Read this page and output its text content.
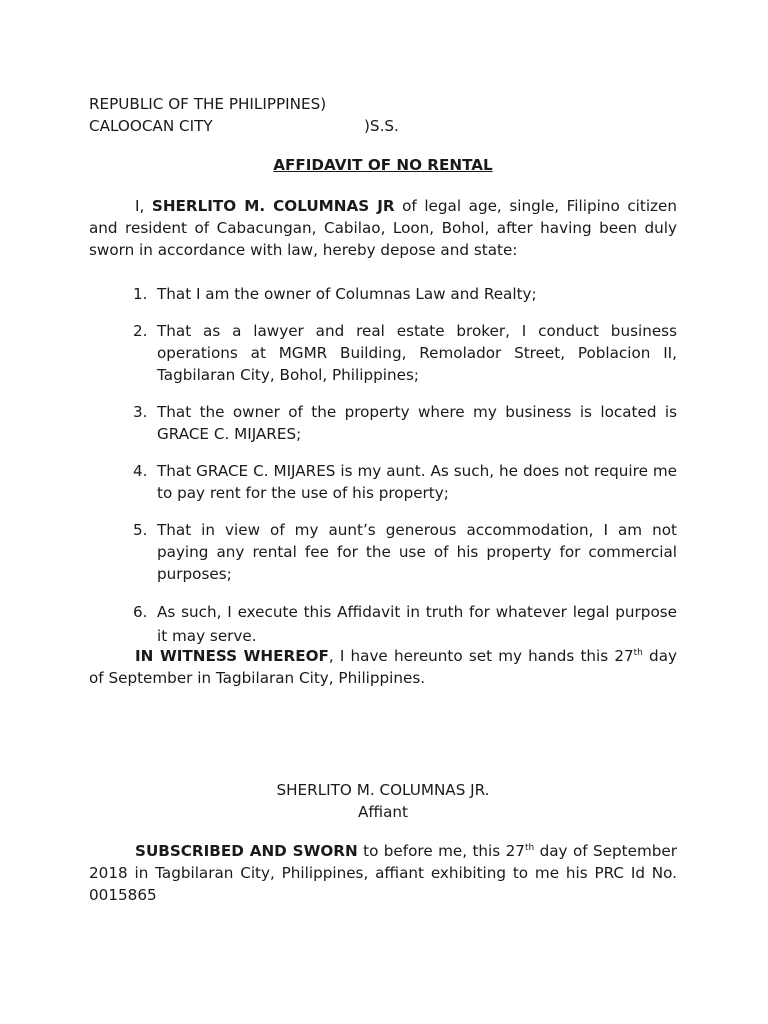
REPUBLIC OF THE PHILIPPINES)
CALOOCAN CITY	)S.S.
AFFIDAVIT OF NO RENTAL
I, SHERLITO M. COLUMNAS JR of legal age, single, Filipino citizen and resident of Cabacungan, Cabilao, Loon, Bohol, after having been duly sworn in accordance with law, hereby depose and state:
1. That I am the owner of Columnas Law and Realty;
2. That as a lawyer and real estate broker, I conduct business operations at MGMR Building, Remolador Street, Poblacion II, Tagbilaran City, Bohol, Philippines;
3. That the owner of the property where my business is located is GRACE C. MIJARES;
4. That GRACE C. MIJARES is my aunt. As such, he does not require me to pay rent for the use of his property;
5. That in view of my aunt’s generous accommodation, I am not paying any rental fee for the use of his property for commercial purposes;
6. As such, I execute this Affidavit in truth for whatever legal purpose it may serve.
IN WITNESS WHEREOF, I have hereunto set my hands this 27th day of September in Tagbilaran City, Philippines.
SHERLITO M. COLUMNAS JR.
Affiant
SUBSCRIBED AND SWORN to before me, this 27th day of September 2018 in Tagbilaran City, Philippines, affiant exhibiting to me his PRC Id No. 0015865
